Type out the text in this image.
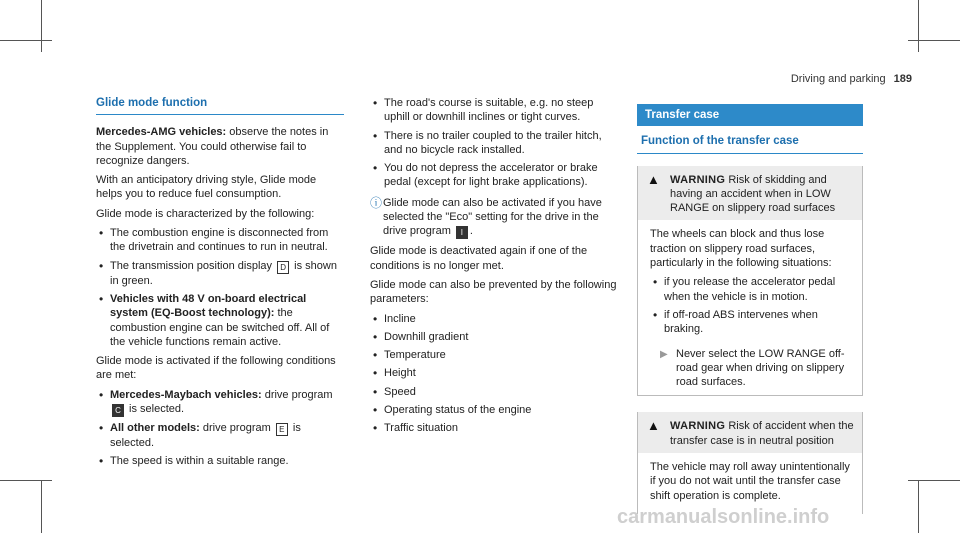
Driving and parking 189
Glide mode function

Mercedes-AMG vehicles: observe the notes in the Supplement. You could otherwise fail to recognize dangers.

With an anticipatory driving style, Glide mode helps you to reduce fuel consumption.

Glide mode is characterized by the following:

• The combustion engine is disconnected from the drivetrain and continues to run in neutral.
• The transmission position display D is shown in green.
• Vehicles with 48 V on-board electrical system (EQ-Boost technology): the combustion engine can be switched off. All of the vehicle functions remain active.

Glide mode is activated if the following conditions are met:

• Mercedes-Maybach vehicles: drive program C is selected.
• All other models: drive program E is selected.
• The speed is within a suitable range.
• The road's course is suitable, e.g. no steep uphill or downhill inclines or tight curves.
• There is no trailer coupled to the trailer hitch, and no bicycle rack installed.
• You do not depress the accelerator or brake pedal (except for light brake applications).
ⓘ Glide mode can also be activated if you have selected the "Eco" setting for the drive in the drive program I .

Glide mode is deactivated again if one of the conditions is no longer met.

Glide mode can also be prevented by the following parameters:

• Incline
• Downhill gradient
• Temperature
• Height
• Speed
• Operating status of the engine
• Traffic situation
Transfer case
Function of the transfer case
▲ WARNING Risk of skidding and having an accident when in LOW RANGE on slippery road surfaces

The wheels can block and thus lose traction on slippery road surfaces, particularly in the following situations:

• if you release the accelerator pedal when the vehicle is in motion.
• if off-road ABS intervenes when braking.
▶ Never select the LOW RANGE off-road gear when driving on slippery road surfaces.
▲ WARNING Risk of accident when the transfer case is in neutral position

The vehicle may roll away unintentionally if you do not wait until the transfer case shift operation is complete.

carmanualsonline.info
